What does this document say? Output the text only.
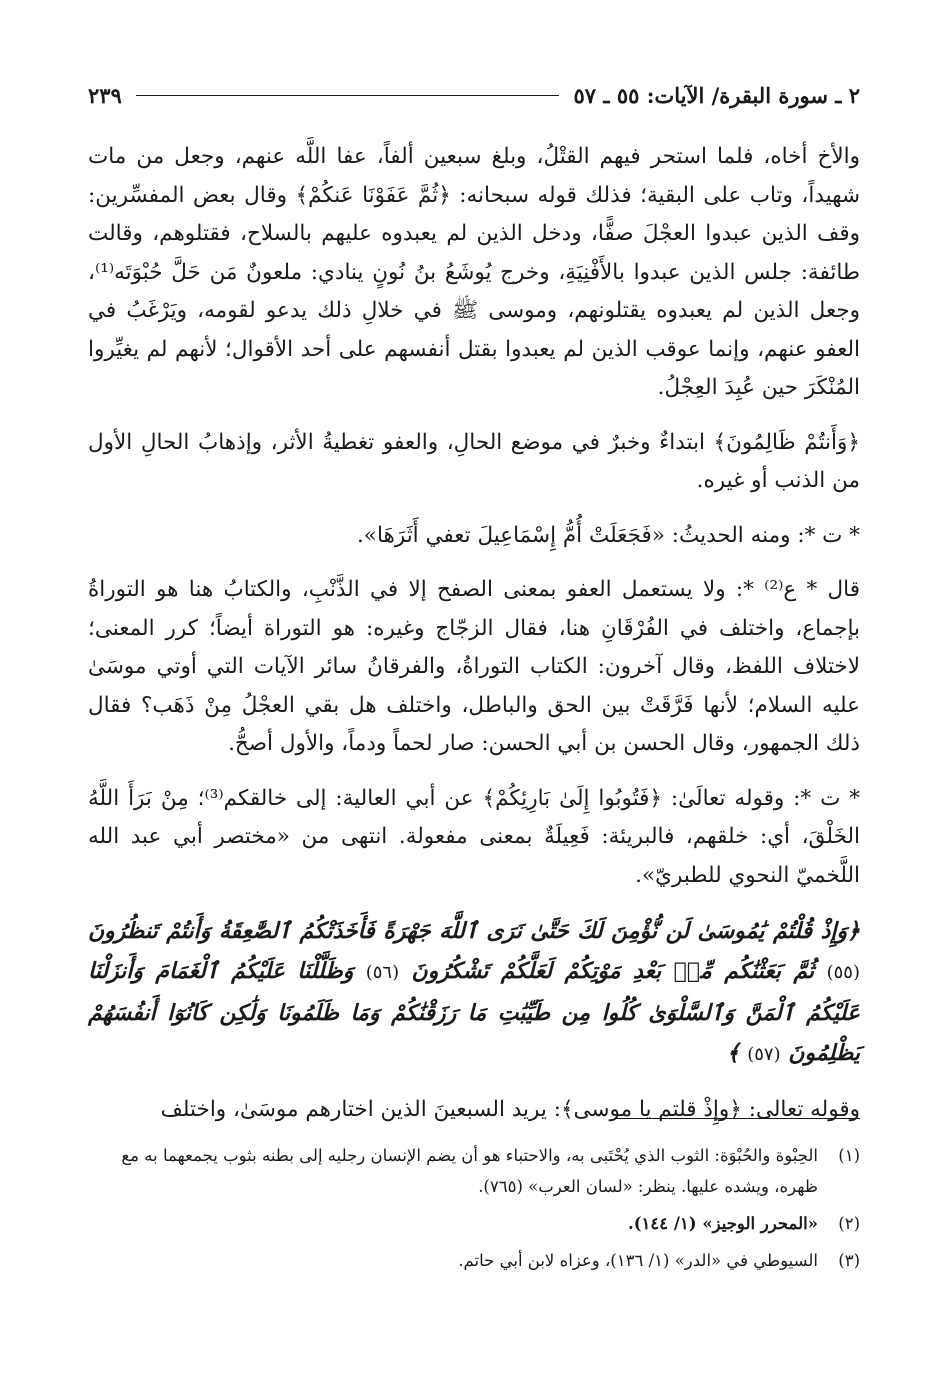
٢ ـ سورة البقرة/ الآيات: ٥٥ ـ ٥٧
٢٣٩

والأخ أخاه، فلما استحر فيهم القتْلُ، وبلغ سبعين ألفاً، عفا اللَّه عنهم، وجعل من مات شهيداً، وتاب على البقية؛ فذلك قوله سبحانه: ﴿ثُمَّ عَفَوْنَا عَنكُمْ﴾ وقال بعض المفسِّرين: وقف الذين عبدوا العجْلَ صفًّا، ودخل الذين لم يعبدوه عليهم بالسلاح، فقتلوهم، وقالت طائفة: جلس الذين عبدوا بالأَفْنِيَةِ، وخرج يُوشَعُ بنُ نُونٍ ينادي: ملعونٌ مَن حَلَّ حُبْوَتَه⁽¹⁾، وجعل الذين لم يعبدوه يقتلونهم، وموسى ﷺ في خلالِ ذلك يدعو لقومه، ويَرْغَبُ في العفو عنهم، وإنما عوقب الذين لم يعبدوا بقتل أنفسهم على أحد الأقوال؛ لأنهم لم يغيِّروا المُنْكَرَ حين عُبِدَ العِجْلُ.

﴿وَأَنتُمْ ظَالِمُونَ﴾ ابتداءٌ وخبرٌ في موضع الحالِ، والعفو تغطيةُ الأثر، وإذهابُ الحالِ الأول من الذنب أو غيره.

* ت *: ومنه الحديثُ: «فَجَعَلَتْ أُمُّ إِسْمَاعِيلَ تعفي أَثَرَهَا».

قال * ع⁽²⁾ *: ولا يستعمل العفو بمعنى الصفح إلا في الذَّنْبِ، والكتابُ هنا هو التوراةُ بإجماع، واختلف في الفُرْقَانِ هنا، فقال الزجّاج وغيره: هو التوراة أيضاً؛ كرر المعنى؛ لاختلاف اللفظ، وقال آخرون: الكتاب التوراةُ، والفرقانُ سائر الآيات التي أوتي موسَىٰ عليه السلام؛ لأنها فَرَّقَتْ بين الحق والباطل، واختلف هل بقي العجْلُ مِنْ ذَهَب؟ فقال ذلك الجمهور، وقال الحسن بن أبي الحسن: صار لحماً ودماً، والأول أصحُّ.

* ت *: وقوله تعالَىٰ: ﴿فَتُوبُوا إِلَىٰ بَارِئِكُمْ﴾ عن أبي العالية: إلى خالقكم⁽³⁾؛ مِنْ بَرَأَ اللَّهُ الخَلْقَ، أي: خلقهم، فالبريئة: فَعِيلَةٌ بمعنى مفعولة. انتهى من «مختصر أبي عبد الله اللَّخميّ النحوي للطبريّ».

﴿وَإِذْ قُلْتُمْ يَٰمُوسَىٰ لَن نُّؤْمِنَ لَكَ حَتَّىٰ نَرَى ٱللَّهَ جَهْرَةً فَأَخَذَتْكُمُ ٱلصَّٰعِقَةُ وَأَنتُمْ تَنظُرُونَ (٥٥) ثُمَّ بَعَثْنَٰكُم مِّنۢ بَعْدِ مَوْتِكُمْ لَعَلَّكُمْ تَشْكُرُونَ (٥٦) وَظَلَّلْنَا عَلَيْكُمُ ٱلْغَمَامَ وَأَنزَلْنَا عَلَيْكُمُ ٱلْمَنَّ وَٱلسَّلْوَىٰ كُلُوا مِن طَيِّبَٰتِ مَا رَزَقْنَٰكُمْ وَمَا ظَلَمُونَا وَلَٰكِن كَانُوٓا أَنفُسَهُمْ يَظْلِمُونَ (٥٧) ﴾

وقوله تعالى: ﴿وإِذْ قلتم يا موسى﴾: يريد السبعينَ الذين اختارهم موسَىٰ، واختلف

(١)
الحِبْوة والحُبْوَة: الثوب الذي يُحْتَبى به، والاحتباء هو أن يضم الإنسان رجليه إلى بطنه بثوب يجمعهما به مع ظهره، ويشده عليها. ينظر: «لسان العرب» (٧٦٥).
(٢)
«المحرر الوجيز» (١/ ١٤٤).
(٣)
السيوطي في «الدر» (١/ ١٣٦)، وعزاه لابن أبي حاتم.
